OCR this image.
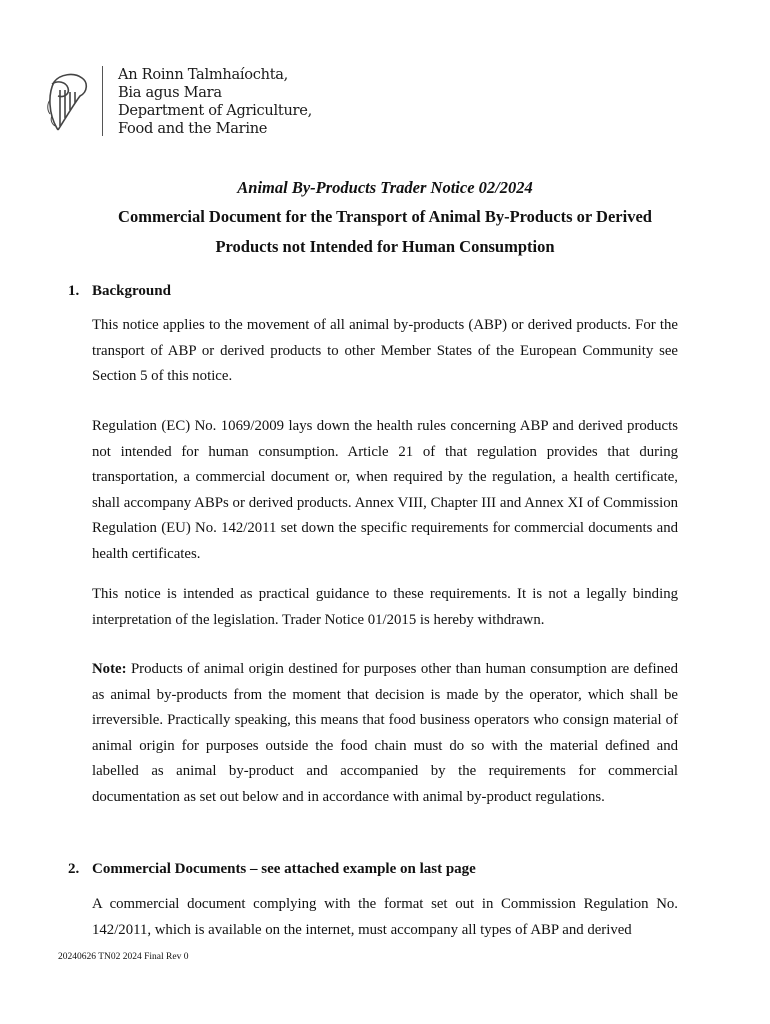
An Roinn Talmhaíochta,
Bia agus Mara
Department of Agriculture,
Food and the Marine
Animal By-Products Trader Notice 02/2024
Commercial Document for the Transport of Animal By-Products or Derived
Products not Intended for Human Consumption
1. Background
This notice applies to the movement of all animal by-products (ABP) or derived products. For the transport of ABP or derived products to other Member States of the European Community see Section 5 of this notice.
Regulation (EC) No. 1069/2009 lays down the health rules concerning ABP and derived products not intended for human consumption. Article 21 of that regulation provides that during transportation, a commercial document or, when required by the regulation, a health certificate, shall accompany ABPs or derived products. Annex VIII, Chapter III and Annex XI of Commission Regulation (EU) No. 142/2011 set down the specific requirements for commercial documents and health certificates.
This notice is intended as practical guidance to these requirements. It is not a legally binding interpretation of the legislation. Trader Notice 01/2015 is hereby withdrawn.
Note: Products of animal origin destined for purposes other than human consumption are defined as animal by-products from the moment that decision is made by the operator, which shall be irreversible. Practically speaking, this means that food business operators who consign material of animal origin for purposes outside the food chain must do so with the material defined and labelled as animal by-product and accompanied by the requirements for commercial documentation as set out below and in accordance with animal by-product regulations.
2. Commercial Documents – see attached example on last page
A commercial document complying with the format set out in Commission Regulation No. 142/2011, which is available on the internet, must accompany all types of ABP and derived
20240626 TN02 2024 Final Rev 0
